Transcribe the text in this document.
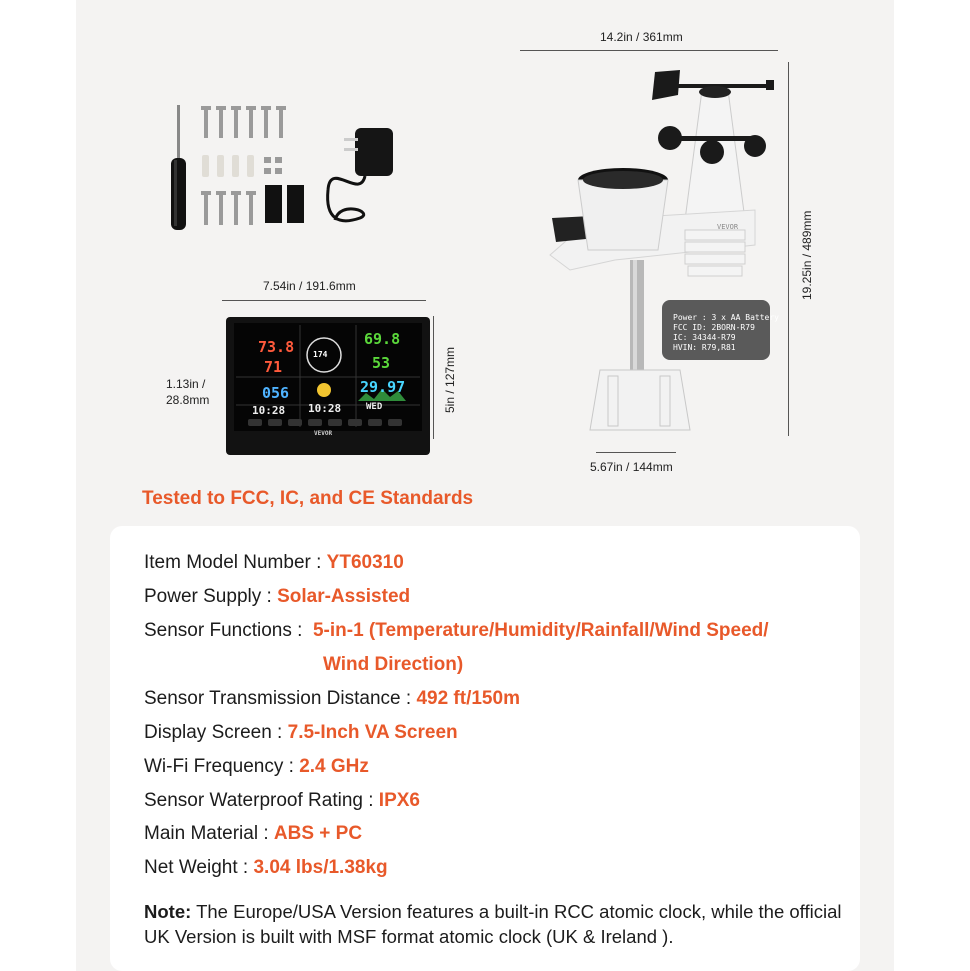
7.54in / 191.6mm
1.13in /
28.8mm	5in / 127mm
73.8
71
69.8
53
056	29.97
174
10:28 10:28	WED
VEVOR
14.2in / 361mm
19.25in / 489mm
5.67in / 144mm
VEVOR
Power : 3 x AA Battery
FCC ID: 2BORN-R79
IC: 34344-R79
HVIN: R79,R81
Tested to FCC, IC, and CE Standards
Item Model Number : YT60310
Power Supply : Solar-Assisted
Sensor Functions :  5-in-1 (Temperature/Humidity/Rainfall/Wind Speed/
Wind Direction)
Sensor Transmission Distance : 492 ft/150m
Display Screen : 7.5-Inch VA Screen
Wi-Fi Frequency : 2.4 GHz
Sensor Waterproof Rating : IPX6
Main Material : ABS + PC
Net Weight : 3.04 lbs/1.38kg
Note: The Europe/USA Version features a built-in RCC atomic clock, while the official UK Version is built with MSF format atomic clock (UK & Ireland ).
